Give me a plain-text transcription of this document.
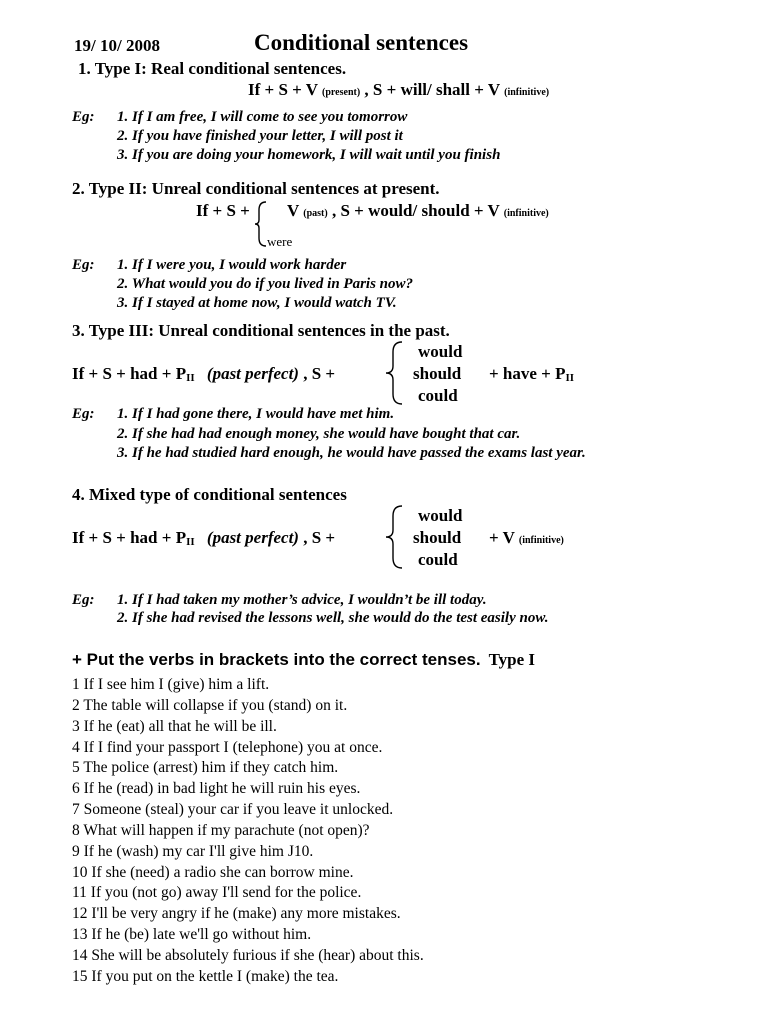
19/ 10/ 2008	Conditional sentences
1. Type I: Real conditional sentences.
If + S + V (present) , S + will/ shall + V (infinitive)
Eg: 1. If I am free, I will come to see you tomorrow
2. If you have finished your letter, I will post it
3. If you are doing your homework, I will wait until you finish
2. Type II: Unreal conditional sentences at present.
If + S + V (past) , S + would/ should + V (infinitive)
were
Eg: 1. If I were you, I would work harder
2. What would you do if you lived in Paris now?
3. If I stayed at home now, I would watch TV.
3. Type III: Unreal conditional sentences in the past.
If + S + had + PII (past perfect) , S +
would
should
could
+ have + PII
Eg: 1. If I had gone there, I would have met him.
2. If she had had enough money, she would have bought that car.
3. If he had studied hard enough, he would have passed the exams last year.
4. Mixed type of conditional sentences
If + S + had + PII (past perfect) , S +
would
should
could
+ V (infinitive)
Eg: 1. If I had taken my mother’s advice, I wouldn’t be ill today.
2. If she had revised the lessons well, she would do the test easily now.
+ Put the verbs in brackets into the correct tenses. Type I
1 If I see him I (give) him a lift.
2 The table will collapse if you (stand) on it.
3 If he (eat) all that he will be ill.
4 If I find your passport I (telephone) you at once.
5 The police (arrest) him if they catch him.
6 If he (read) in bad light he will ruin his eyes.
7 Someone (steal) your car if you leave it unlocked.
8 What will happen if my parachute (not open)?
9 If he (wash) my car I'll give him J10.
10 If she (need) a radio she can borrow mine.
11 If you (not go) away I'll send for the police.
12 I'll be very angry if he (make) any more mistakes.
13 If he (be) late we'll go without him.
14 She will be absolutely furious if she (hear) about this.
15 If you put on the kettle I (make) the tea.
